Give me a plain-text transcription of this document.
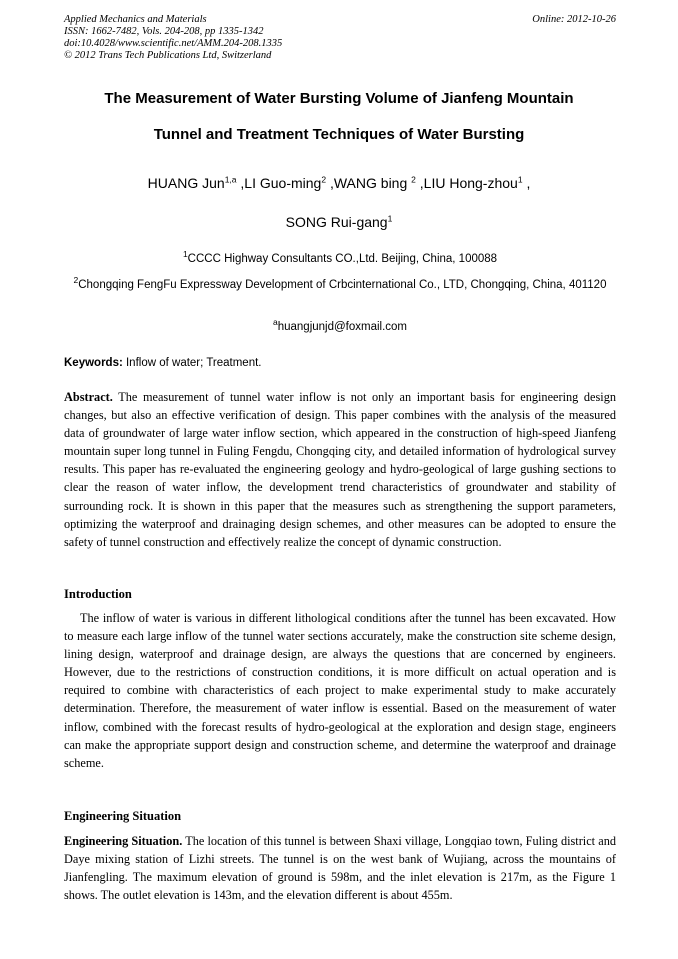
Applied Mechanics and Materials	Online: 2012-10-26
ISSN: 1662-7482, Vols. 204-208, pp 1335-1342
doi:10.4028/www.scientific.net/AMM.204-208.1335
© 2012 Trans Tech Publications Ltd, Switzerland
The Measurement of Water Bursting Volume of Jianfeng Mountain
Tunnel and Treatment Techniques of Water Bursting
HUANG Jun$^{1,a}$ ,LI Guo-ming$^2$ ,WANG bing $^2$ ,LIU Hong-zhou$^1$ ,
SONG Rui-gang$^1$
$^1$CCCC Highway Consultants CO.,Ltd. Beijing, China, 100088
$^2$Chongqing FengFu Expressway Development of Crbcinternational Co., LTD, Chongqing, China, 401120
$^a$huangjunjd@foxmail.com
Keywords: Inflow of water; Treatment.
Abstract. The measurement of tunnel water inflow is not only an important basis for engineering design changes, but also an effective verification of design. This paper combines with the analysis of the measured data of groundwater of large water inflow section, which appeared in the construction of high-speed Jianfeng mountain super long tunnel in Fuling Fengdu, Chongqing city, and detailed information of hydrological survey results. This paper has re-evaluated the engineering geology and hydro-geological of large gushing sections to clear the reason of water inflow, the development trend characteristics of groundwater and stability of surrounding rock. It is shown in this paper that the measures such as strengthening the support parameters, optimizing the waterproof and drainaging design schemes, and other measures can be adopted to ensure the safety of tunnel construction and effectively realize the concept of dynamic construction.
Introduction
The inflow of water is various in different lithological conditions after the tunnel has been excavated. How to measure each large inflow of the tunnel water sections accurately, make the construction site scheme design, lining design, waterproof and drainage design, are always the questions that are concerned by engineers. However, due to the restrictions of construction conditions, it is more difficult on actual operation and is required to combine with characteristics of each project to make experimental study to make accurately determination. Therefore, the measurement of water inflow is essential. Based on the measurement of water inflow, combined with the forecast results of hydro-geological at the exploration and design stage, engineers can make the appropriate support design and construction scheme, and determine the waterproof and drainage scheme.
Engineering Situation
Engineering Situation. The location of this tunnel is between Shaxi village, Longqiao town, Fuling district and Daye mixing station of Lizhi streets. The tunnel is on the west bank of Wujiang, across the mountains of Jianfengling. The maximum elevation of ground is 598m, and the inlet elevation is 217m, as the Figure 1 shows. The outlet elevation is 143m, and the elevation different is about 455m.
